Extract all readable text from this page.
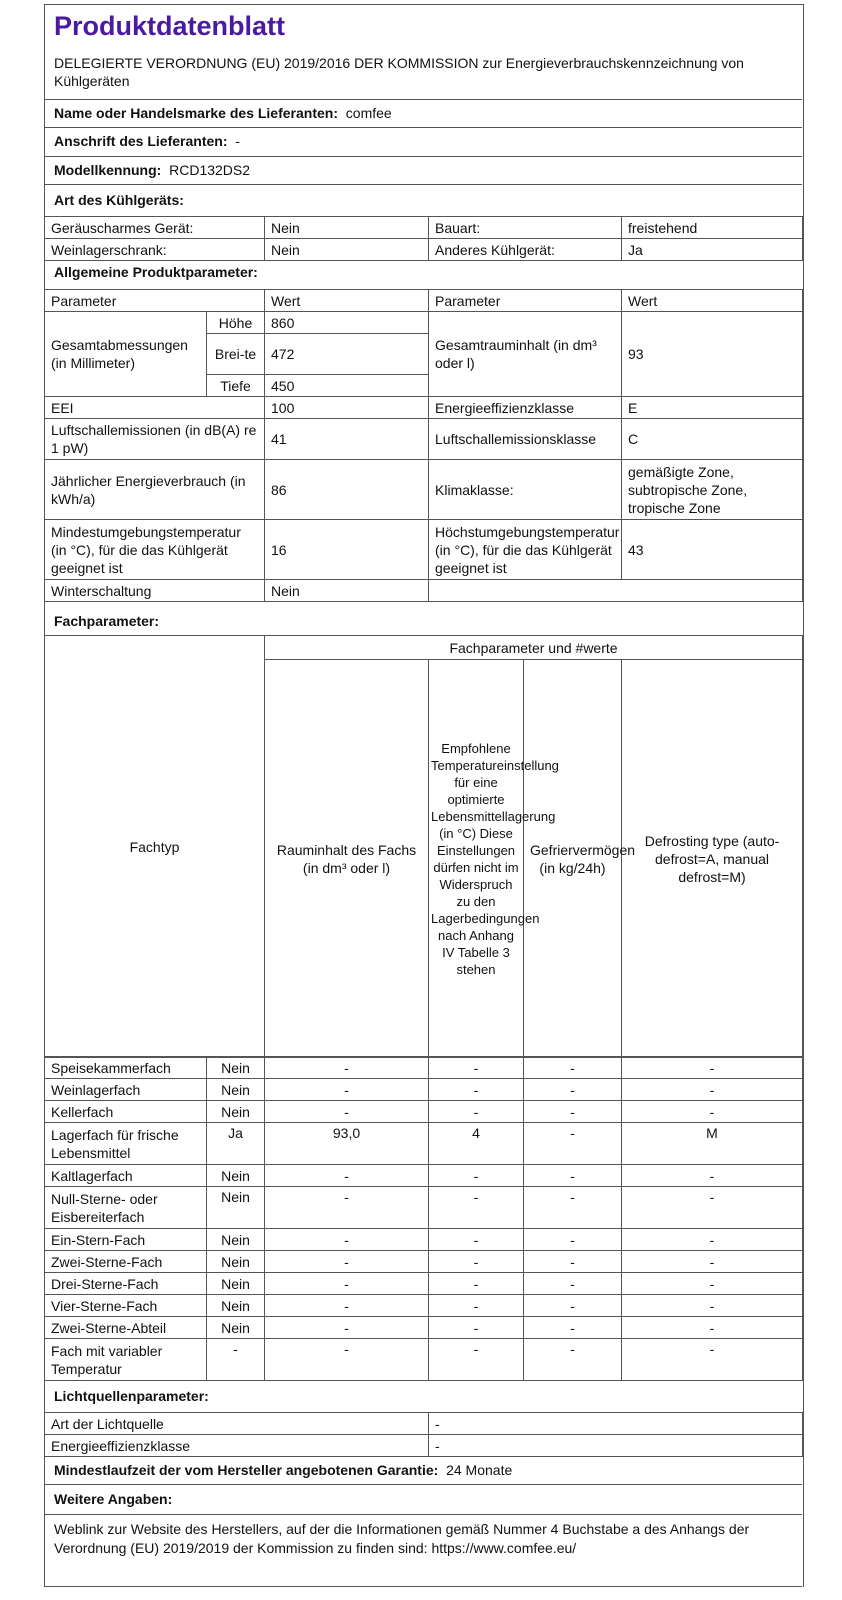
Produktdatenblatt
DELEGIERTE VERORDNUNG (EU) 2019/2016 DER KOMMISSION zur Energieverbrauchskennzeichnung von Kühlgeräten
Name oder Handelsmarke des Lieferanten: comfee
Anschrift des Lieferanten: -
Modellkennung: RCD132DS2
Art des Kühlgeräts:
Geräuscharmes Gerät:	Nein	Bauart:	freistehend
Weinlagerschrank:	Nein	Anderes Kühlgerät:	Ja
Allgemeine Produktparameter:
Parameter		Wert	Parameter	Wert
Gesamtabmessungen (in Millimeter)	Höhe	860	Gesamtrauminhalt (in dm³ oder l)	93
	Brei-te	472		
	Tiefe	450		
EEI		100	Energieeffizienzklasse	E
Luftschallemissionen (in dB(A) re 1 pW)		41	Luftschallemissionsklasse	C
Jährlicher Energieverbrauch (in kWh/a)		86	Klimaklasse:	gemäßigte Zone, subtropische Zone, tropische Zone
Mindestumgebungstemperatur (in °C), für die das Kühlgerät geeignet ist		16	Höchstumgebungstemperatur (in °C), für die das Kühlgerät geeignet ist	43
Winterschaltung		Nein		
Fachparameter:
Fachtyp	Fachparameter und #werte			
	Rauminhalt des Fachs (in dm³ oder l)	Empfohlene Temperatureinstellung für eine optimierte Lebensmittellagerung (in °C) Diese Einstellungen dürfen nicht im Widerspruch zu den Lagerbedingungen nach Anhang IV Tabelle 3 stehen	Gefriervermögen (in kg/24h)	Defrosting type (auto-defrost=A, manual defrost=M)
Speisekammerfach	Nein	-	-	-	-
Weinlagerfach	Nein	-	-	-	-
Kellerfach	Nein	-	-	-	-
Lagerfach für frische Lebensmittel	Ja	93,0	4	-	M
Kaltlagerfach	Nein	-	-	-	-
Null-Sterne- oder Eisbereiterfach	Nein	-	-	-	-
Ein-Stern-Fach	Nein	-	-	-	-
Zwei-Sterne-Fach	Nein	-	-	-	-
Drei-Sterne-Fach	Nein	-	-	-	-
Vier-Sterne-Fach	Nein	-	-	-	-
Zwei-Sterne-Abteil	Nein	-	-	-	-
Fach mit variabler Temperatur	-	-	-	-	-
Lichtquellenparameter:
Art der Lichtquelle	-
Energieeffizienzklasse	-
Mindestlaufzeit der vom Hersteller angebotenen Garantie: 24 Monate
Weitere Angaben:
Weblink zur Website des Herstellers, auf der die Informationen gemäß Nummer 4 Buchstabe a des Anhangs der Verordnung (EU) 2019/2019 der Kommission zu finden sind: https://www.comfee.eu/
